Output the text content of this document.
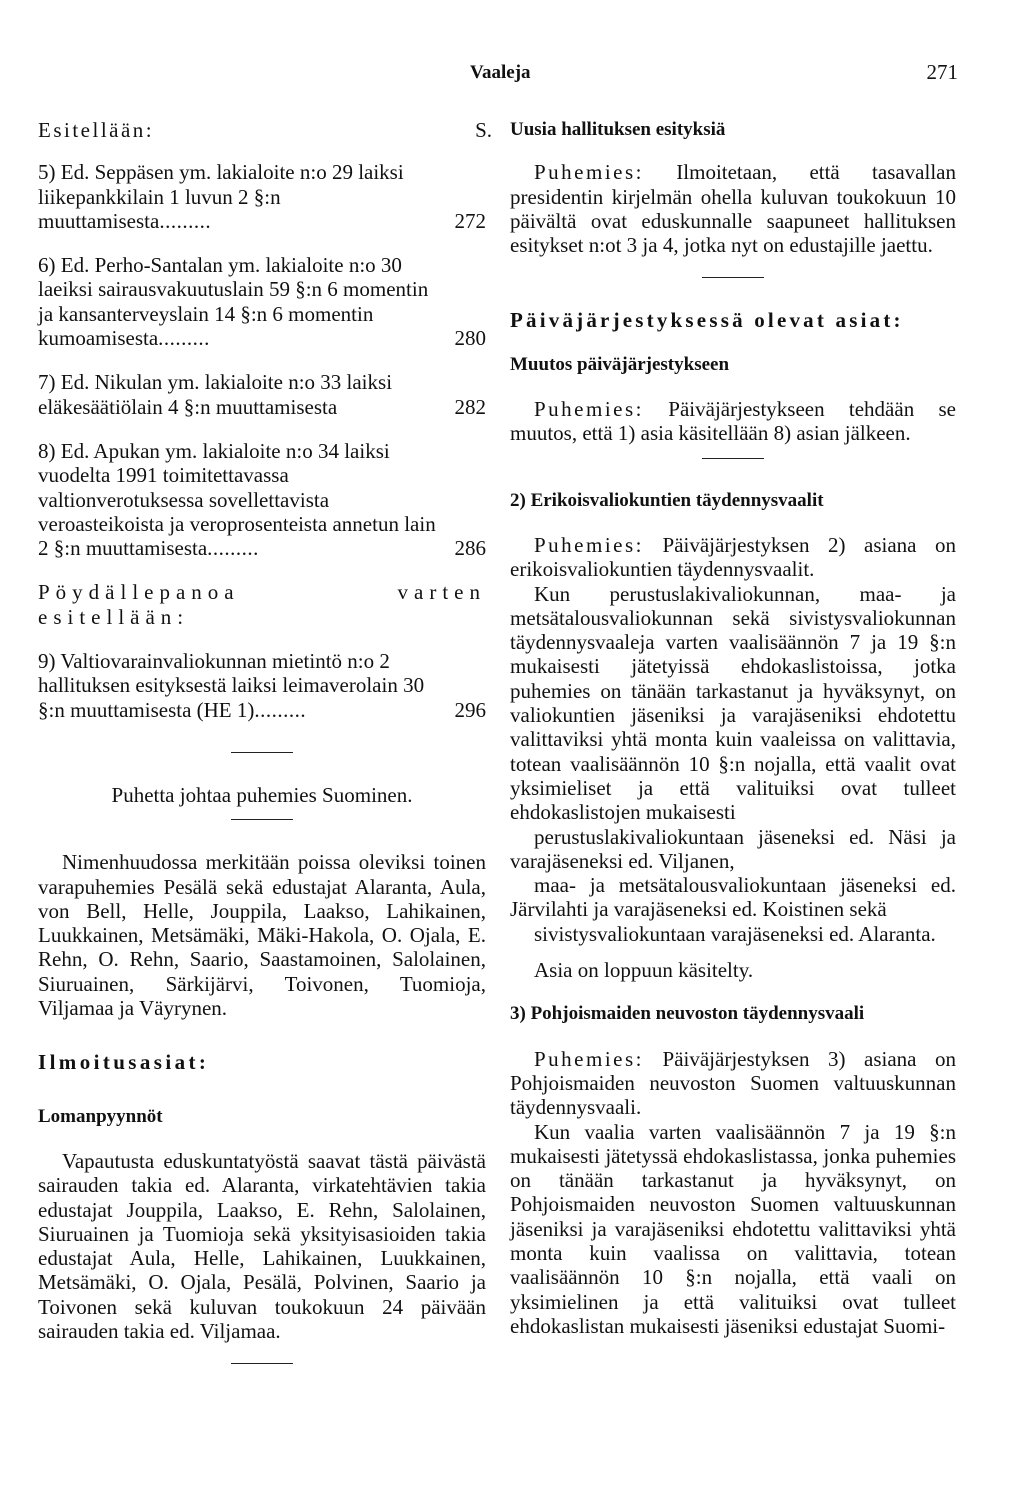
Vaaleja	271
Esitellään:	S.

5) Ed. Seppäsen ym. lakialoite n:o 29 laiksi liikepankkilain 1 luvun 2 §:n muuttamisesta.........	272

6) Ed. Perho-Santalan ym. lakialoite n:o 30 laeiksi sairausvakuutuslain 59 §:n 6 momentin ja kansanterveyslain 14 §:n 6 momentin kumoamisesta.........	280

7) Ed. Nikulan ym. lakialoite n:o 33 laiksi eläkesäätiölain 4 §:n muuttamisesta	282

8) Ed. Apukan ym. lakialoite n:o 34 laiksi vuodelta 1991 toimitettavassa valtionverotuksessa sovellettavista veroasteikoista ja veroprosenteista annetun lain 2 §:n muuttamisesta.........	286

Pöydällepanoa varten esitellään:

9) Valtiovarainvaliokunnan mietintö n:o 2 hallituksen esityksestä laiksi leimaverolain 30 §:n muuttamisesta (HE 1).........	296

Puhetta johtaa puhemies Suominen.

Nimenhuudossa merkitään poissa oleviksi toinen varapuhemies Pesälä sekä edustajat Alaranta, Aula, von Bell, Helle, Jouppila, Laakso, Lahikainen, Luukkainen, Metsämäki, Mäki-Hakola, O. Ojala, E. Rehn, O. Rehn, Saario, Saastamoinen, Salolainen, Siuruainen, Särkijärvi, Toivonen, Tuomioja, Viljamaa ja Väyrynen.

Ilmoitusasiat:

Lomanpyynnöt

Vapautusta eduskuntatyöstä saavat tästä päivästä sairauden takia ed. Alaranta, virkatehtävien takia edustajat Jouppila, Laakso, E. Rehn, Salolainen, Siuruainen ja Tuomioja sekä yksityisasioiden takia edustajat Aula, Helle, Lahikainen, Luukkainen, Metsämäki, O. Ojala, Pesälä, Polvinen, Saario ja Toivonen sekä kuluvan toukokuun 24 päivään sairauden takia ed. Viljamaa.

Uusia hallituksen esityksiä

Puhemies: Ilmoitetaan, että tasavallan presidentin kirjelmän ohella kuluvan toukokuun 10 päivältä ovat eduskunnalle saapuneet hallituksen esitykset n:ot 3 ja 4, jotka nyt on edustajille jaettu.

Päiväjärjestyksessä olevat asiat:

Muutos päiväjärjestykseen

Puhemies: Päiväjärjestykseen tehdään se muutos, että 1) asia käsitellään 8) asian jälkeen.

2) Erikoisvaliokuntien täydennysvaalit

Puhemies: Päiväjärjestyksen 2) asiana on erikoisvaliokuntien täydennysvaalit.

Kun perustuslakivaliokunnan, maa- ja metsätalousvaliokunnan sekä sivistysvaliokunnan täydennysvaaleja varten vaalisäännön 7 ja 19 §:n mukaisesti jätetyissä ehdokaslistoissa, jotka puhemies on tänään tarkastanut ja hyväksynyt, on valiokuntien jäseniksi ja varajäseniksi ehdotettu valittaviksi yhtä monta kuin vaaleissa on valittavia, totean vaalisäännön 10 §:n nojalla, että vaalit ovat yksimieliset ja että valituiksi ovat tulleet ehdokaslistojen mukaisesti

perustuslakivaliokuntaan jäseneksi ed. Näsi ja varajäseneksi ed. Viljanen,

maa- ja metsätalousvaliokuntaan jäseneksi ed. Järvilahti ja varajäseneksi ed. Koistinen sekä

sivistysvaliokuntaan varajäseneksi ed. Alaranta.

Asia on loppuun käsitelty.

3) Pohjoismaiden neuvoston täydennysvaali

Puhemies: Päiväjärjestyksen 3) asiana on Pohjoismaiden neuvoston Suomen valtuuskunnan täydennysvaali.

Kun vaalia varten vaalisäännön 7 ja 19 §:n mukaisesti jätetyssä ehdokaslistassa, jonka puhemies on tänään tarkastanut ja hyväksynyt, on Pohjoismaiden neuvoston Suomen valtuuskunnan jäseniksi ja varajäseniksi ehdotettu valittaviksi yhtä monta kuin vaalissa on valittavia, totean vaalisäännön 10 §:n nojalla, että vaali on yksimielinen ja että valituiksi ovat tulleet ehdokaslistan mukaisesti jäseniksi edustajat Suomi-
